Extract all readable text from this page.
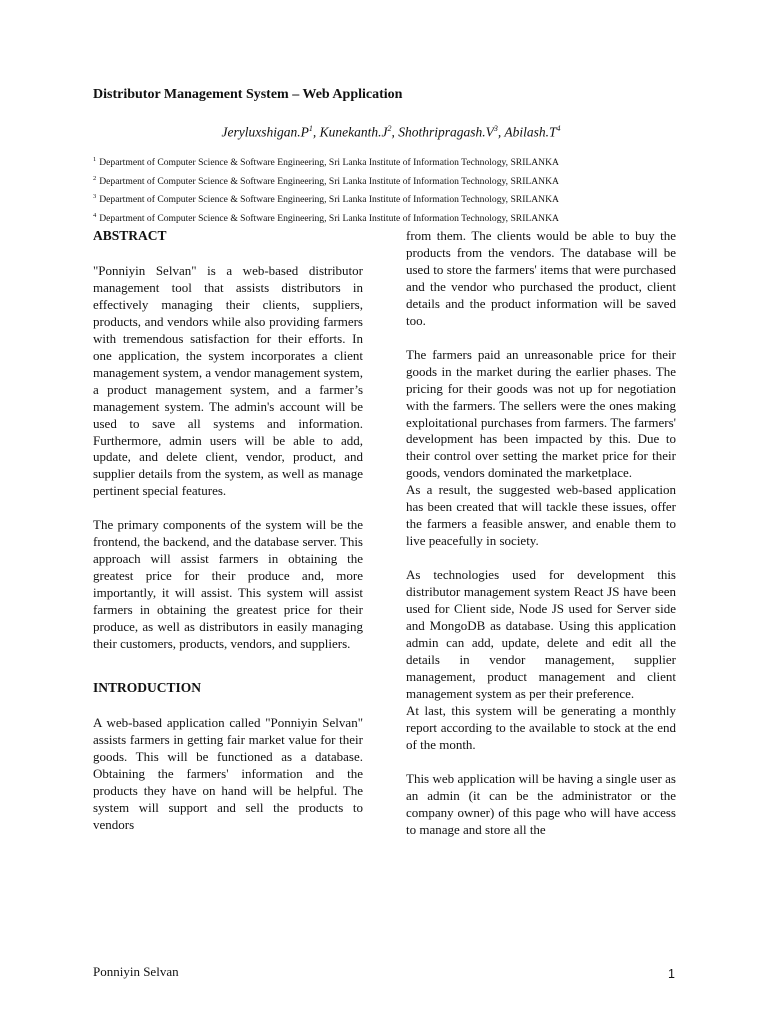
Distributor Management System – Web Application

$Jeryluxshigan.P^1$, $Kunekanth.J^2$, $Shothripragash.V^3$, $Abilash.T^4$

$^1$ Department of Computer Science & Software Engineering, Sri Lanka Institute of Information Technology, SRILANKA
$^2$ Department of Computer Science & Software Engineering, Sri Lanka Institute of Information Technology, SRILANKA
$^3$ Department of Computer Science & Software Engineering, Sri Lanka Institute of Information Technology, SRILANKA
$^4$ Department of Computer Science & Software Engineering, Sri Lanka Institute of Information Technology, SRILANKA
ABSTRACT

"Ponniyin Selvan" is a web-based distributor management tool that assists distributors in effectively managing their clients, suppliers, products, and vendors while also providing farmers with tremendous satisfaction for their efforts. In one application, the system incorporates a client management system, a vendor management system, a product management system, and a farmer’s management system. The admin's account will be used to save all systems and information. Furthermore, admin users will be able to add, update, and delete client, vendor, product, and supplier details from the system, as well as manage pertinent special features.

The primary components of the system will be the frontend, the backend, and the database server. This approach will assist farmers in obtaining the greatest price for their produce and, more importantly, it will assist. This system will assist farmers in obtaining the greatest price for their produce, as well as distributors in easily managing their customers, products, vendors, and suppliers.

INTRODUCTION

A web-based application called "Ponniyin Selvan" assists farmers in getting fair market value for their goods. This will be functioned as a database. Obtaining the farmers' information and the products they have on hand will be helpful. The system will support and sell the products to vendors

from them. The clients would be able to buy the products from the vendors. The database will be used to store the farmers' items that were purchased and the vendor who purchased the product, client details and the product information will be saved too.

The farmers paid an unreasonable price for their goods in the market during the earlier phases. The pricing for their goods was not up for negotiation with the farmers. The sellers were the ones making exploitational purchases from farmers. The farmers' development has been impacted by this. Due to their control over setting the market price for their goods, vendors dominated the marketplace.

As a result, the suggested web-based application has been created that will tackle these issues, offer the farmers a feasible answer, and enable them to live peacefully in society.

As technologies used for development this distributor management system React JS have been used for Client side, Node JS used for Server side and MongoDB as database. Using this application admin can add, update, delete and edit all the details in vendor management, supplier management, product management and client management system as per their preference.

At last, this system will be generating a monthly report according to the available to stock at the end of the month.

This web application will be having a single user as an admin (it can be the administrator or the company owner) of this page who will have access to manage and store all the

Ponniyin Selvan	1
